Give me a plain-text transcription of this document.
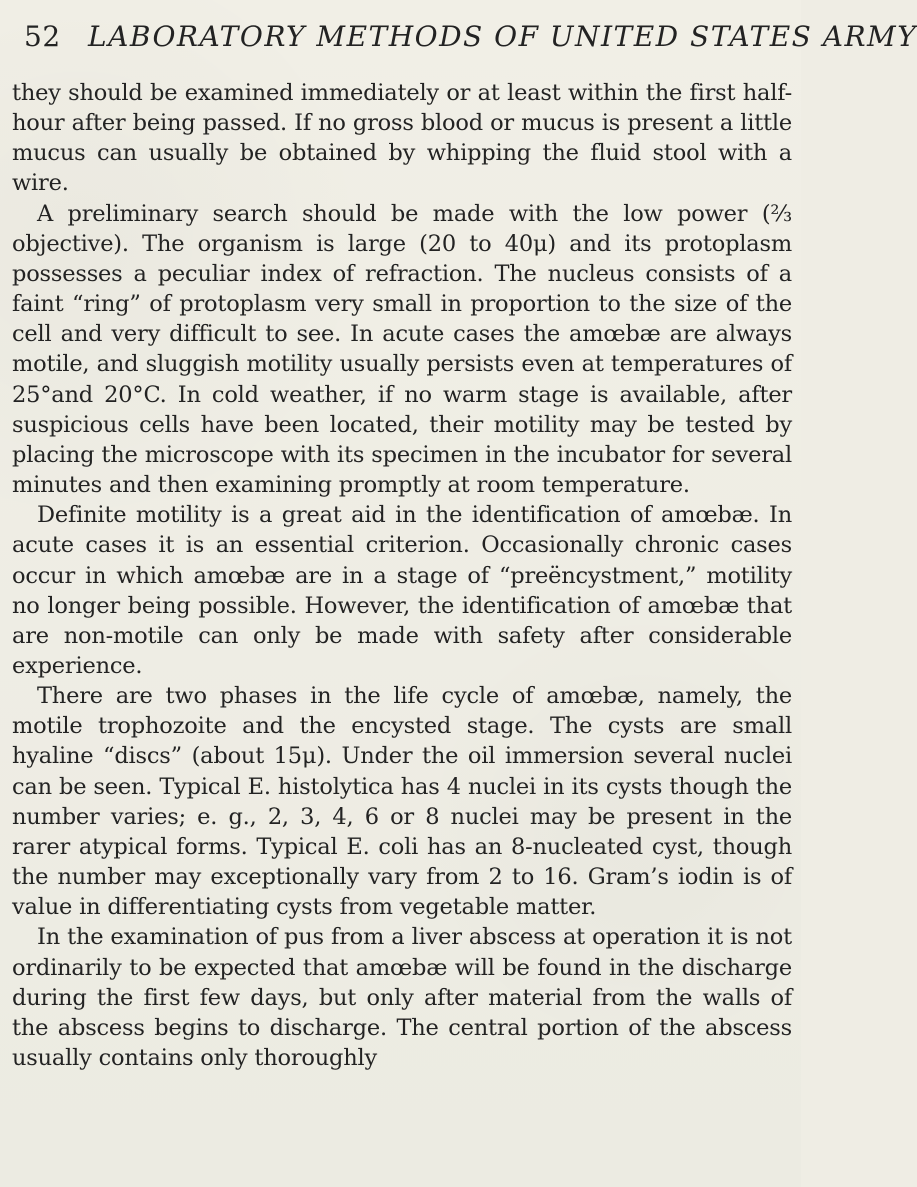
52 LABORATORY METHODS OF UNITED STATES ARMY

they should be examined immediately or at least within the first half-hour after being passed. If no gross blood or mucus is present a little mucus can usually be obtained by whipping the fluid stool with a wire.

A preliminary search should be made with the low power (⅔ objective). The organism is large (20 to 40μ) and its protoplasm possesses a peculiar index of refraction. The nucleus consists of a faint “ring” of protoplasm very small in proportion to the size of the cell and very difficult to see. In acute cases the amœbæ are always motile, and sluggish motility usually persists even at temperatures of 25°and 20°C. In cold weather, if no warm stage is available, after suspicious cells have been located, their motility may be tested by placing the microscope with its specimen in the incubator for several minutes and then examining promptly at room temperature.

Definite motility is a great aid in the identification of amœbæ. In acute cases it is an essential criterion. Occasionally chronic cases occur in which amœbæ are in a stage of “preëncystment,” motility no longer being possible. However, the identification of amœbæ that are non-motile can only be made with safety after considerable experience.

There are two phases in the life cycle of amœbæ, namely, the motile trophozoite and the encysted stage. The cysts are small hyaline “discs” (about 15μ). Under the oil immersion several nuclei can be seen. Typical E. histolytica has 4 nuclei in its cysts though the number varies; e. g., 2, 3, 4, 6 or 8 nuclei may be present in the rarer atypical forms. Typical E. coli has an 8-nucleated cyst, though the number may exceptionally vary from 2 to 16. Gram’s iodin is of value in differentiating cysts from vegetable matter.

In the examination of pus from a liver abscess at operation it is not ordinarily to be expected that amœbæ will be found in the discharge during the first few days, but only after material from the walls of the abscess begins to discharge. The central portion of the abscess usually contains only thoroughly
